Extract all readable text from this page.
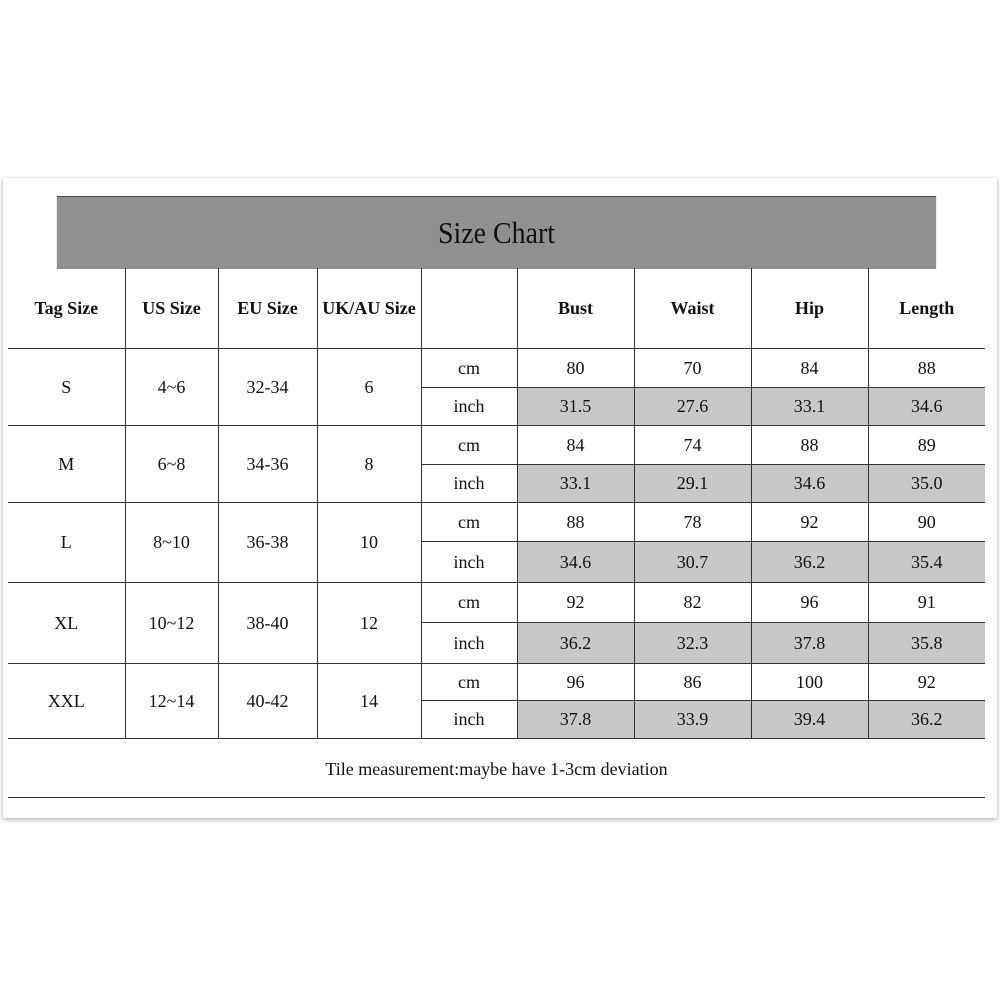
Size Chart
Tag Size	US Size	EU Size	UK/AU Size		Bust	Waist	Hip	Length
S	4~6	32-34	6	cm	80	70	84	88
				inch	31.5	27.6	33.1	34.6
M	6~8	34-36	8	cm	84	74	88	89
				inch	33.1	29.1	34.6	35.0
L	8~10	36-38	10	cm	88	78	92	90
				inch	34.6	30.7	36.2	35.4
XL	10~12	38-40	12	cm	92	82	96	91
				inch	36.2	32.3	37.8	35.8
XXL	12~14	40-42	14	cm	96	86	100	92
				inch	37.8	33.9	39.4	36.2
Tile measurement:maybe have 1-3cm deviation
